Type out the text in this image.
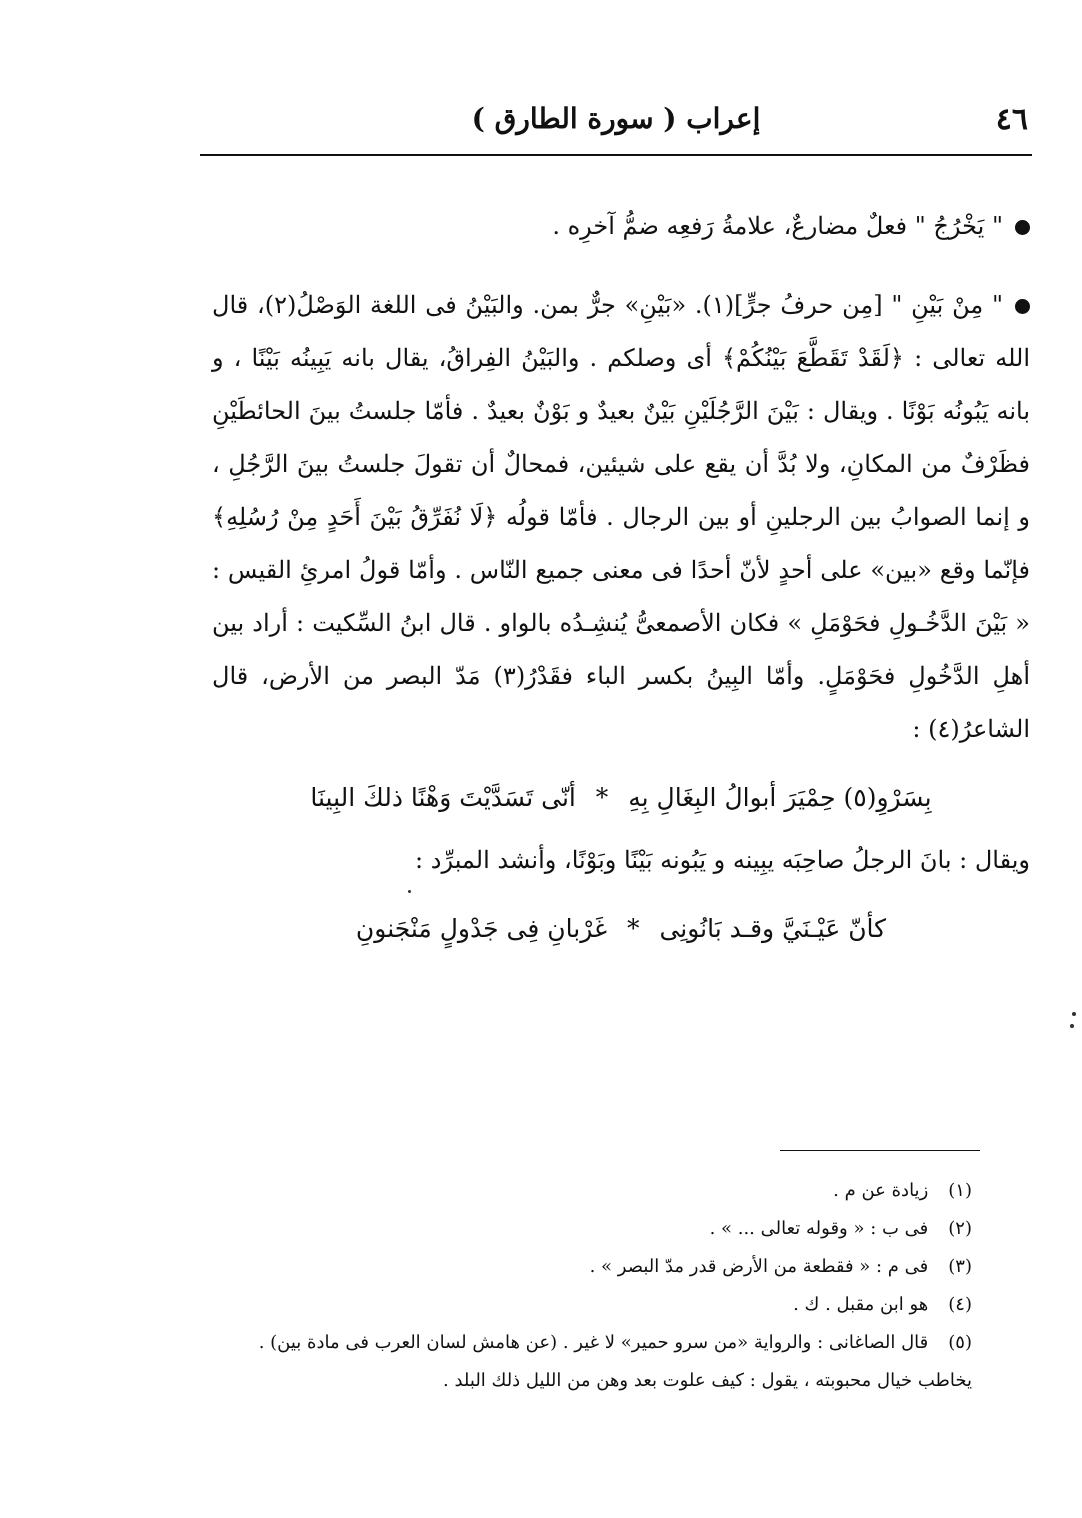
٤٦
إعراب ( سورة الطارق )

" يَخْرُجُ " فعلٌ مضارعٌ، علامةُ رَفعِه ضمُّ آخرِه .

" مِنْ بَيْنِ " [مِن حرفُ جرٍّ](١). «بَيْنِ» جرٌّ بمن. والبَيْنُ فى اللغة الوَصْلُ(٢)، قال الله تعالى : ﴿لَقَدْ تَقَطَّعَ بَيْنُكُمْ﴾ أى وصلكم . والبَيْنُ الفِراقُ، يقال بانه يَبِينُه بَيْنًا ، و بانه يَبُونُه بَوْنًا . ويقال : بَيْنَ الرَّجُلَيْنِ بَيْنٌ بعيدٌ و بَوْنٌ بعيدٌ . فأمّا جلستُ بينَ الحائطَيْنِ فظَرْفٌ من المكانِ، ولا بُدَّ أن يقع على شيئين، فمحالٌ أن تقولَ جلستُ بينَ الرَّجُلِ ، و إنما الصوابُ بين الرجلينِ أو بين الرجال . فأمّا قولُه ﴿لَا نُفَرِّقُ بَيْنَ أَحَدٍ مِنْ رُسُلِهِ﴾ فإنّما وقع «بين» على أحدٍ لأنّ أحدًا فى معنى جميع النّاس . وأمّا قولُ امرئِ القيس : « بَيْنَ الدَّخُـولِ فحَوْمَلِ » فكان الأصمعىُّ يُنشِـدُه بالواو . قال ابنُ السِّكيت : أراد بين أهلِ الدَّخُولِ فحَوْمَلٍ. وأمّا البِينُ بكسر الباء فقَدْرُ(٣) مَدّ البصر من الأرض، قال الشاعرُ(٤) :

بِسَرْوِ(٥) حِمْيَرَ أبوالُ البِغَالِ بِهِ * أنّى تَسَدَّيْتَ وَهْنًا ذلكَ البِينَا

ويقال : بانَ الرجلُ صاحِبَه يبِينه و يَبُونه بَيْنًا وبَوْنًا، وأنشد المبرِّد :

كأنّ عَيْـنَيَّ وقـد بَانُونِى * غَرْبانِ فِى جَدْولٍ مَنْجَنونِ

(١) زيادة عن م .

(٢) فى ب : « وقوله تعالى ... » .

(٣) فى م : « فقطعة من الأرض قدر مدّ البصر » .

(٤) هو ابن مقبل . ك .

(٥) قال الصاغانى : والرواية «من سرو حمير» لا غير . (عن هامش لسان العرب فى مادة بين) .

يخاطب خيال محبوبته ، يقول : كيف علوت بعد وهن من الليل ذلك البلد .
